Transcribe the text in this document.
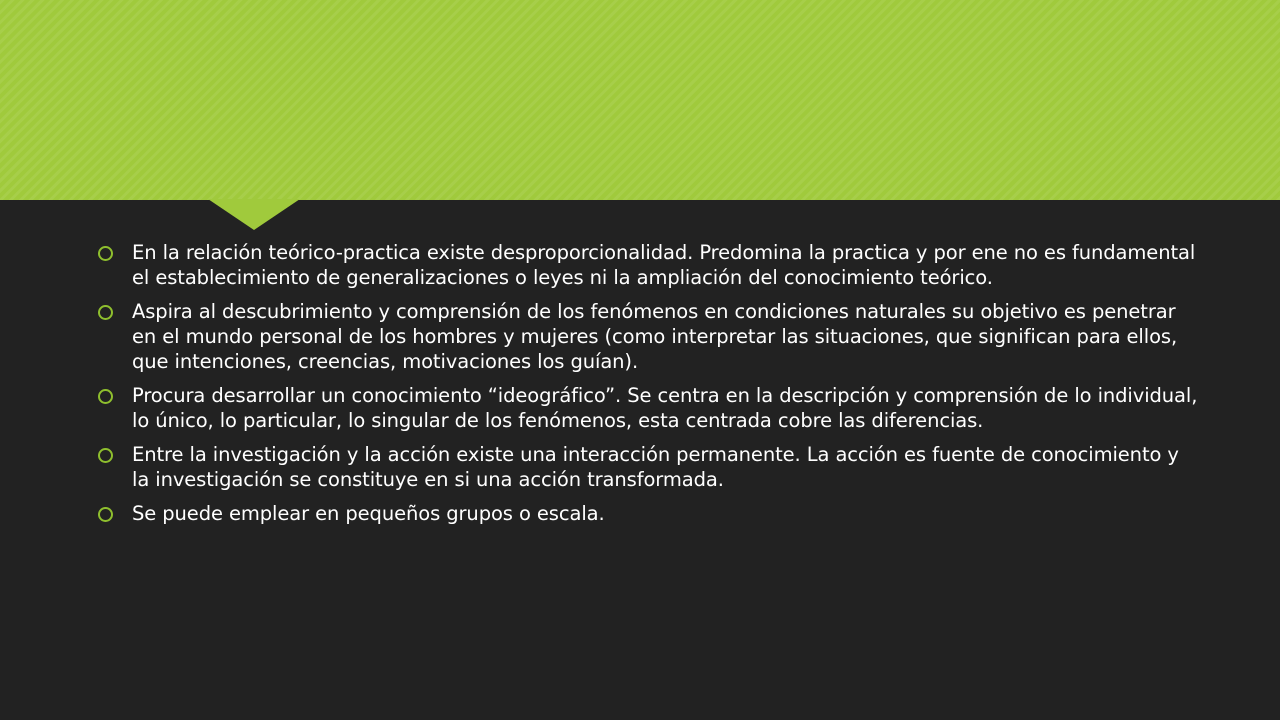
En la relación teórico-practica existe desproporcionalidad. Predomina la practica y por ene no es fundamental el establecimiento de generalizaciones o leyes ni la ampliación del conocimiento teórico.
Aspira al descubrimiento y comprensión de los fenómenos en condiciones naturales su objetivo es penetrar en el mundo personal de los hombres y mujeres (como interpretar las situaciones, que significan para ellos, que intenciones, creencias, motivaciones los guían).
Procura desarrollar un conocimiento “ideográfico”. Se centra en la descripción y comprensión de lo individual, lo único, lo particular, lo singular de los fenómenos, esta centrada cobre las diferencias.
Entre la investigación y la acción existe una interacción permanente. La acción es fuente de conocimiento y la investigación se constituye en si una acción transformada.
Se puede emplear en pequeños grupos o escala.
